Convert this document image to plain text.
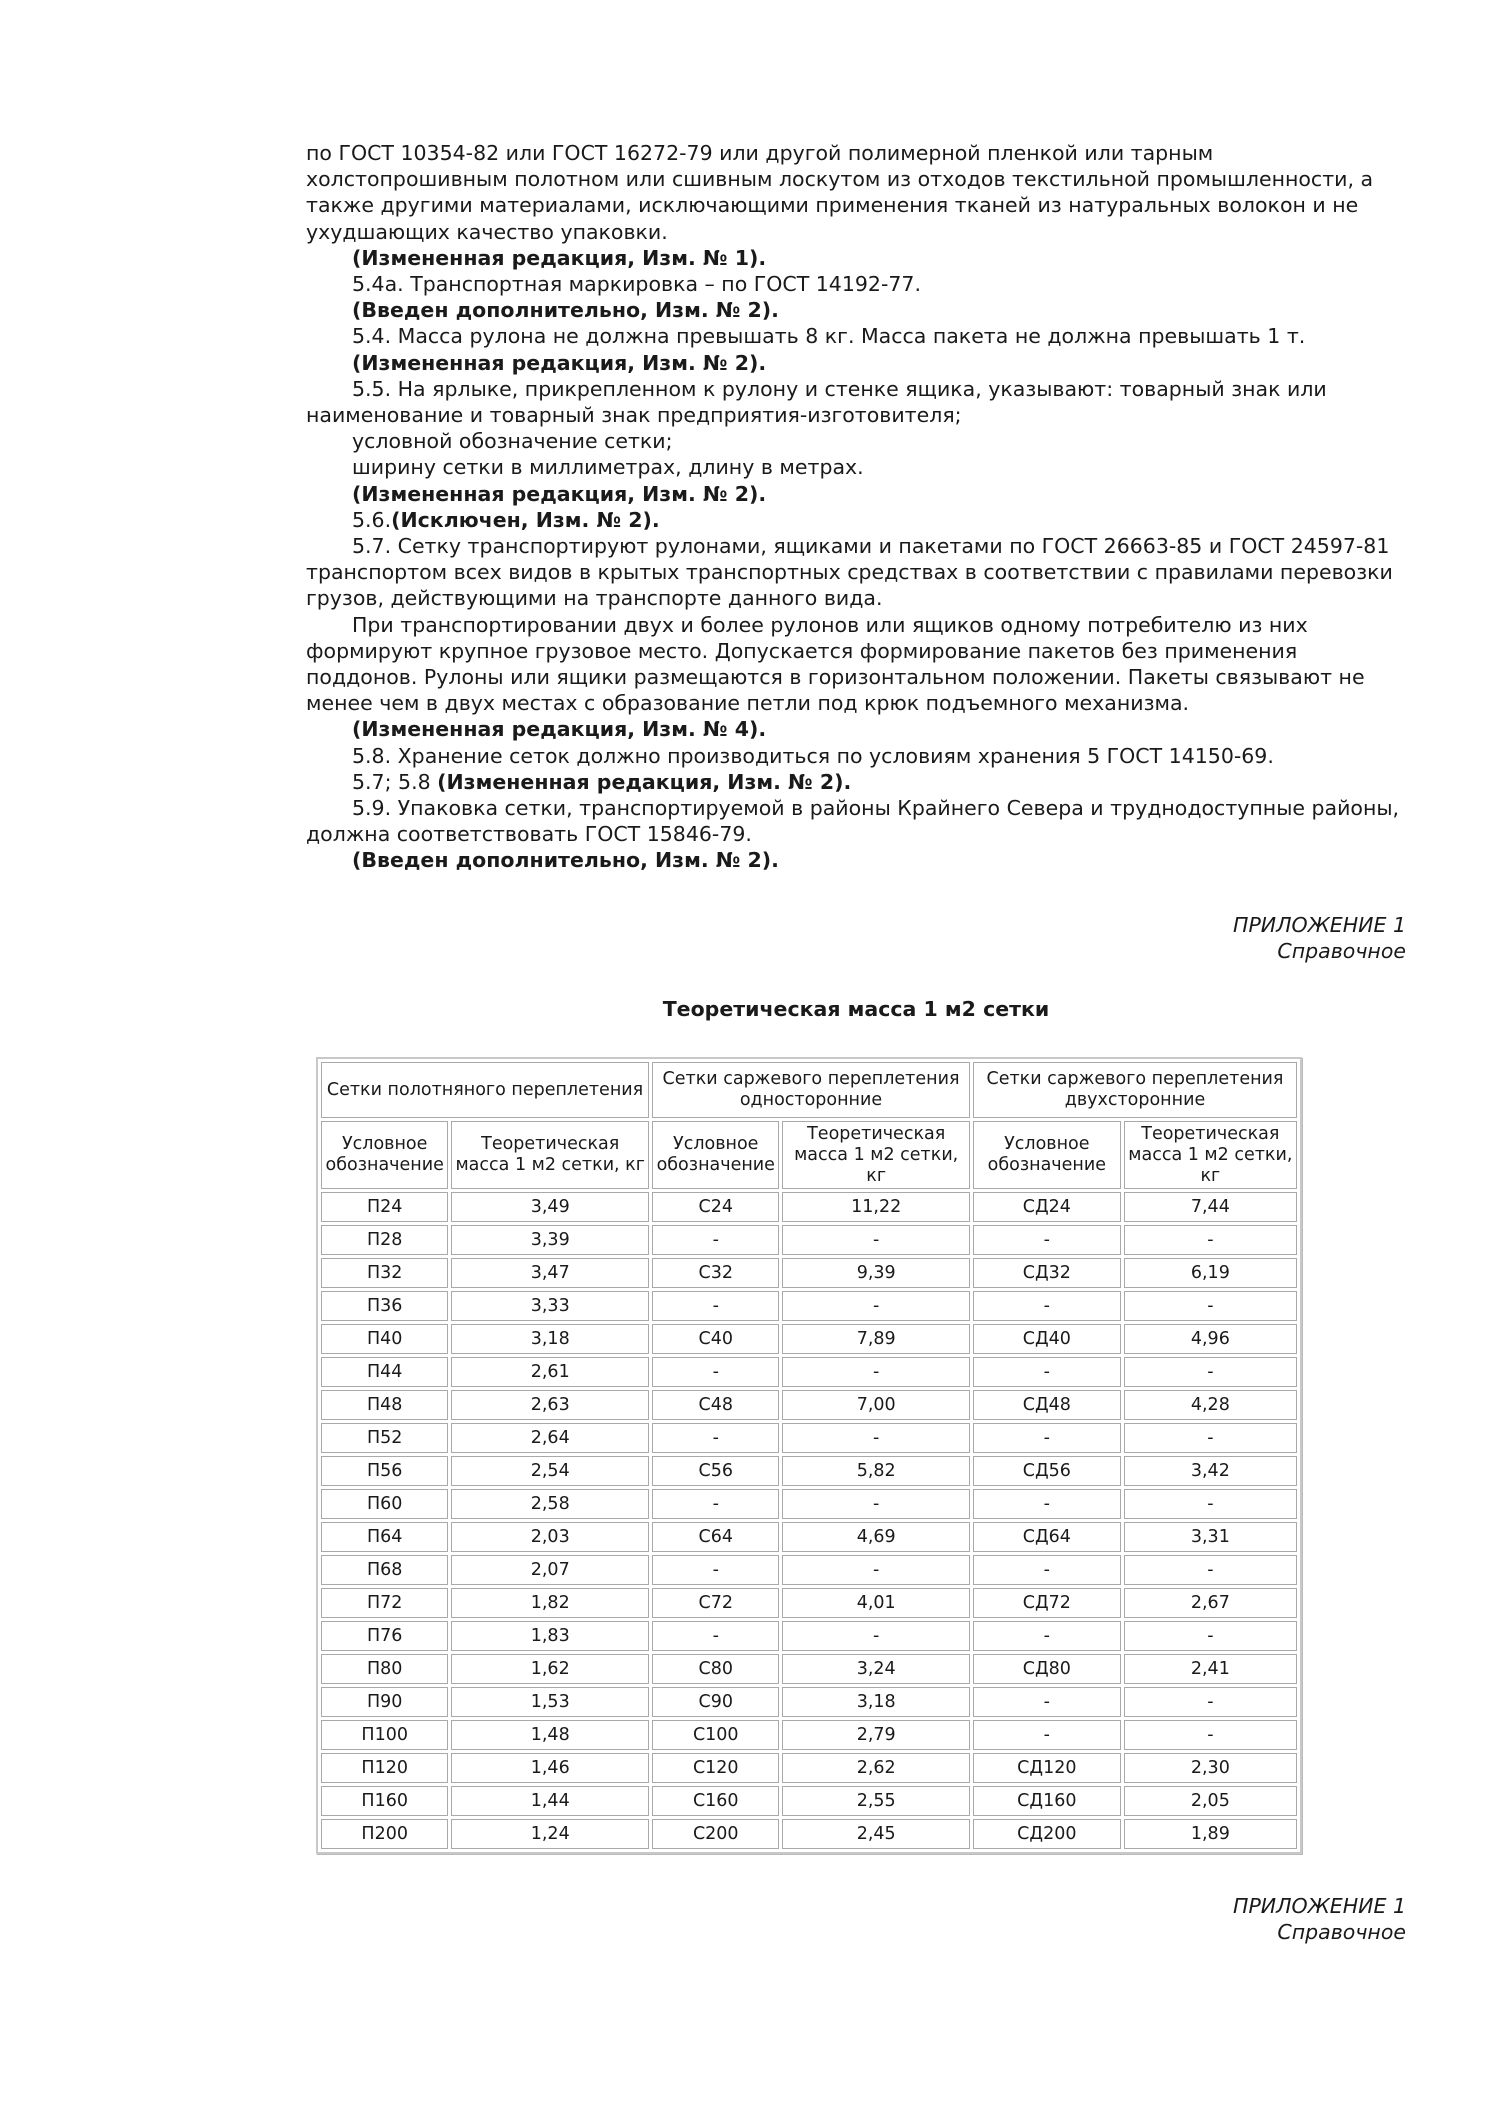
по ГОСТ 10354-82 или ГОСТ 16272-79 или другой полимерной пленкой или тарным холстопрошивным полотном или сшивным лоскутом из отходов текстильной промышленности, а также другими материалами, исключающими применения тканей из натуральных волокон и не ухудшающих качество упаковки.

(Измененная редакция, Изм. № 1).

5.4а. Транспортная маркировка – по ГОСТ 14192-77.

(Введен дополнительно, Изм. № 2).

5.4. Масса рулона не должна превышать 8 кг. Масса пакета не должна превышать 1 т.

(Измененная редакция, Изм. № 2).

5.5. На ярлыке, прикрепленном к рулону и стенке ящика, указывают: товарный знак или наименование и товарный знак предприятия-изготовителя;

условной обозначение сетки;

ширину сетки в миллиметрах, длину в метрах.

(Измененная редакция, Изм. № 2).

5.6.(Исключен, Изм. № 2).

5.7. Сетку транспортируют рулонами, ящиками и пакетами по ГОСТ 26663-85 и ГОСТ 24597-81 транспортом всех видов в крытых транспортных средствах в соответствии с правилами перевозки грузов, действующими на транспорте данного вида.

При транспортировании двух и более рулонов или ящиков одному потребителю из них формируют крупное грузовое место. Допускается формирование пакетов без применения поддонов. Рулоны или ящики размещаются в горизонтальном положении. Пакеты связывают не менее чем в двух местах с образование петли под крюк подъемного механизма.

(Измененная редакция, Изм. № 4).

5.8. Хранение сеток должно производиться по условиям хранения 5 ГОСТ 14150-69.

5.7; 5.8 (Измененная редакция, Изм. № 2).

5.9. Упаковка сетки, транспортируемой в районы Крайнего Севера и труднодоступные районы, должна соответствовать ГОСТ 15846-79.

(Введен дополнительно, Изм. № 2).

ПРИЛОЖЕНИЕ 1
Справочное
Теоретическая масса 1 м2 сетки
Сетки полотняного переплетения		Сетки саржевого переплетения односторонние		Сетки саржевого переплетения двухсторонние	
Условное обозначение	Теоретическая масса 1 м2 сетки, кг	Условное обозначение	Теоретическая масса 1 м2 сетки, кг	Условное обозначение	Теоретическая масса 1 м2 сетки, кг
П24	3,49	С24	11,22	СД24	7,44
П28	3,39	-	-	-	-
П32	3,47	С32	9,39	СД32	6,19
П36	3,33	-	-	-	-
П40	3,18	С40	7,89	СД40	4,96
П44	2,61	-	-	-	-
П48	2,63	С48	7,00	СД48	4,28
П52	2,64	-	-	-	-
П56	2,54	С56	5,82	СД56	3,42
П60	2,58	-	-	-	-
П64	2,03	С64	4,69	СД64	3,31
П68	2,07	-	-	-	-
П72	1,82	С72	4,01	СД72	2,67
П76	1,83	-	-	-	-
П80	1,62	С80	3,24	СД80	2,41
П90	1,53	С90	3,18	-	-
П100	1,48	С100	2,79	-	-
П120	1,46	С120	2,62	СД120	2,30
П160	1,44	С160	2,55	СД160	2,05
П200	1,24	С200	2,45	СД200	1,89
ПРИЛОЖЕНИЕ 1
Справочное
